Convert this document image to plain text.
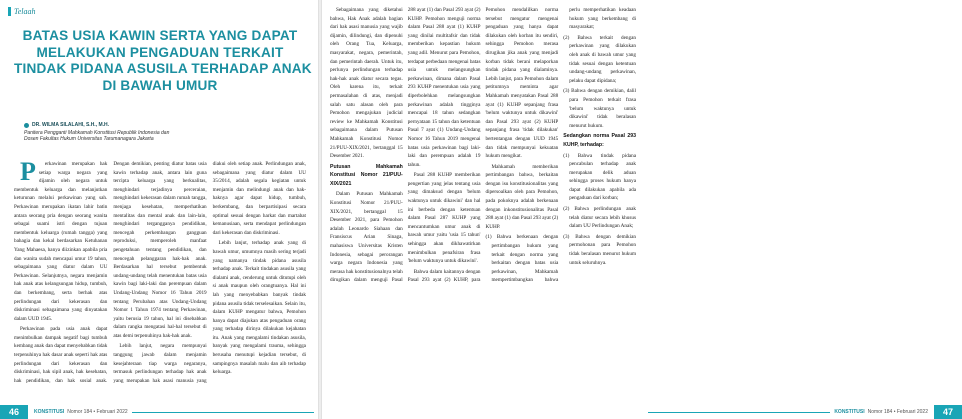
Telaah
BATAS USIA KAWIN SERTA YANG DAPAT
MELAKUKAN PENGADUAN TERKAIT
TINDAK PIDANA ASUSILA TERHADAP ANAK
DI BAWAH UMUR
DR. WILMA SILALAHI, S.H., M.H.
Panitera Pengganti Mahkamah Konstitusi Republik Indonesia dan
Dosen Fakultas Hukum Universitas Tarumanagara Jakarta

P erkawinan merupakan hak setiap warga negara yang dijamin oleh negara untuk membentuk keluarga dan melanjutkan keturunan melalui perkawinan yang sah. Perkawinan merupakan ikatan lahir batin antara seorang pria dengan seorang wanita sebagai suami istri dengan tujuan membentuk keluarga (rumah tangga) yang bahagia dan kekal berdasarkan Ketuhanan Yang Mahaesa, hanya diizinkan apabila pria dan wanita sudah mencapai umur 19 tahun, sebagaimana yang diatur dalam UU Perkawinan. Selanjutnya, negara menjamin hak anak atas kelangsungan hidup, tumbuh, dan berkembang, serta berhak atas perlindungan dari kekerasan dan diskriminasi sebagaimana yang dinyatakan dalam UUD 1945.

Perkawinan pada usia anak dapat menimbulkan dampak negatif bagi tumbuh kembang anak dan dapat menyebabkan tidak terpenuhinya hak dasar anak seperti hak atas perlindungan dari kekerasan dan diskriminasi, hak sipil anak, hak kesehatan, hak pendidikan, dan hak sosial anak. Dengan demikian, penting diatur batas usia kawin terhadap anak, antara lain guna tercipta keluarga yang berkualitas, menghindari terjadinya perceraian, menghindari kekerasan dalam rumah tangga, menjaga kesehatan, memperhatikan mentalitas dan mental anak dan lain-lain, menghindari tergangganya pendidikan, mencegah perkembangan gangguan reproduksi, memperoleh manfaat pengetahuan tentang pendidikan, dan mencegah pelanggaran hak-hak anak. Berdasarkan hal tersebut pembentuk undang-undang telah menentukan batas usia kawin bagi laki-laki dan perempuan dalam Undang-Undang Nomor 16 Tahun 2019 tentang Perubahan atas Undang-Undang Nomor 1 Tahun 1974 tentang Perkawinan, yaitu berusia 19 tahun, hal ini disebabkan dalam rangka mengatasi hal-hal tersebut di atas demi terpenuhinya hak-hak anak.

Lebih lanjut, negara mempunyai tanggung jawab dalam menjamin kesejahteraan tiap warga negaranya, termasuk perlindungan terhadap hak anak yang merupakan hak asasi manusia yang diakui oleh setiap anak. Perlindungan anak, sebagaimana yang diatur dalam UU 35/2014, adalah segala kegiatan untuk menjamin dan melindungi anak dan hak-haknya agar dapat hidup, tumbuh, berkembang, dan berpartisipasi secara optimal sesuai dengan harkat dan martabat kemanusiaan, serta mendapat perlindungan dari kekerasan dan diskriminasi.

Lebih lanjut, terhadap anak yang di bawah umur, umumnya masih sering terjadi yang namanya tindak pidana asusila terhadap anak. Terkait tindakan asusila yang dialami anak, cenderung untuk ditutupi oleh si anak maupun oleh orangtuanya. Hal ini lah yang menyebabkan banyak tindak pidana asusila tidak terselesaikan. Selain itu, dalam KUHP mengatur bahwa, Pemohon hanya dapat diajukan atas pengaduan orang yang terhadap dirinya dilakukan kejahatan itu. Anak yang mengalami tindakan asusila, banyak yang mengalami trauma, sehingga berusaha menutupi kejadian tersebut, di sampingnya masalah malu dan aib terhadap keluarga.

46	KONSTITUSI Nomor 184 • Februari 2022

Sebagaimana yang diketahui bahwa, Hak Anak adalah bagian dari hak asasi manusia yang wajib dijamin, dilindungi, dan dipenuhi oleh Orang Tua, Keluarga, masyarakat, negara, pemerintah, dan pemerintah daerah. Untuk itu, perlunya perlindungan terhadap hak-hak anak diatur secara tegas. Oleh karena itu, terkait permasalahan di atas, menjadi salah satu alasan oleh para Pemohon mengajukan judicial review ke Mahkamah Konstitusi sebagaimana dalam Putusan Mahkamah Konstitusi Nomor 21/PUU-XIX/2021, bertanggal 15 Desember 2021.

Putusan Mahkamah Konstitusi Nomor 21/PUU-XIX/2021

Dalam Putusan Mahkamah Konstitusi Nomor 21/PUU-XIX/2021, bertanggal 15 Desember 2021, para Pemohon adalah Leonardo Siahaan dan Fransiscus Arian Sinaga, mahasiswa Universitas Kristen Indonesia, sebagai perorangan warga negara Indonesia yang merasa hak konstitusionalnya telah dirugikan dalam menguji Pasal 288 ayat (1) dan Pasal 293 ayat (2) KUHP. Pemohon menguji norma dalam Pasal 288 ayat (1) KUHP yang dinilai multitafsir dan tidak memberikan kepastian hukum yang adil. Menurut para Pemohon, terdapat perbedaan mengenai batas usia untuk melangsungkan perkawinan, dimana dalam Pasal 293 KUHP menentukan usia yang diperbolehkan melangsungkan perkawinan adalah tingginya mencapai 18 tahun sedangkan pernyataan 15 tahun dan ketentuan Pasal 7 ayat (1) Undang-Undang Nomor 16 Tahun 2019 mengenai batas usia perkawinan bagi laki-laki dan perempuan adalah 19 tahun.

Pasal 288 KUHP memberikan pengertian yang jelas tentang usia yang dimaksud dengan 'belum waktunya untuk dikawini' dan hal ini berbeda dengan ketentuan dalam Pasal 287 KUHP yang mencantumkan umur anak di bawah umur yaitu 'usia 15 tahun' sehingga akan dikhawatirkan menimbulkan penafsiran frasa 'belum waktunya untuk dikawini'.

Bahwa dalam kaitannya dengan Pasal 293 ayat (2) KUHP, para Pemohon mendalilkan norma tersebut mengatur mengenai pengaduan yang hanya dapat dilakukan oleh korban itu sendiri, sehingga Pemohon merasa dirugikan jika anak yang menjadi korban tidak berani melaporkan tindak pidana yang dialaminya. Lebih lanjut, para Pemohon dalam petitumnya meminta agar Mahkamah menyatakan Pasal 288 ayat (1) KUHP sepanjang frasa 'belum waktunya untuk dikawini' dan Pasal 293 ayat (2) KUHP sepanjang frasa 'tidak dilakukan' bertentangan dengan UUD 1945 dan tidak mempunyai kekuatan hukum mengikat.

Mahkamah memberikan pertimbangan bahwa, berkaitan dengan isu konstitusionalitas yang dipersoalkan oleh para Pemohon, pada pokoknya adalah berkenaan dengan inkonstitusionalitas Pasal 288 ayat (1) dan Pasal 293 ayat (2) KUHP.

(1) Bahwa berkenaan dengan pertimbangan hukum yang terkait dengan norma yang berkaitan dengan batas usia perkawinan, Mahkamah mempertimbangkan bahwa perlu memperhatikan keadaan hukum yang berkembang di masyarakat;

(2) Bahwa terkait dengan perkawinan yang dilakukan oleh anak di bawah umur yang tidak sesuai dengan ketentuan undang-undang perkawinan, pelaku dapat dipidana;

(3) Bahwa dengan demikian, dalil para Pemohon terkait frasa 'belum waktunya untuk dikawini' tidak beralasan menurut hukum.

Sedangkan norma Pasal 293 KUHP, terhadap:

(1) Bahwa tindak pidana pencabulan terhadap anak merupakan delik aduan sehingga proses hukum hanya dapat dilakukan apabila ada pengaduan dari korban;

(2) Bahwa perlindungan anak telah diatur secara lebih khusus dalam UU Perlindungan Anak;

(3) Bahwa dengan demikian permohonan para Pemohon tidak beralasan menurut hukum untuk seluruhnya.

KONSTITUSI Nomor 184 • Februari 2022	47
